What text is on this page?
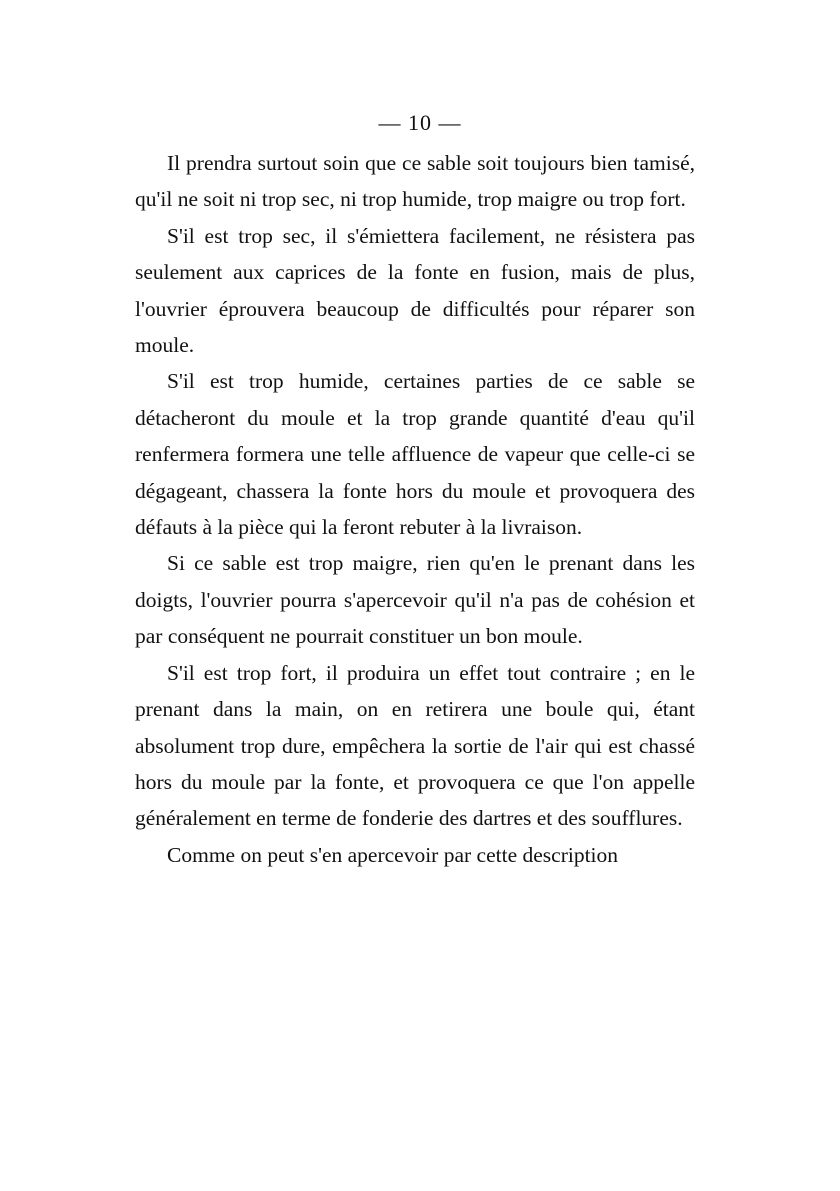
— 10 —

Il prendra surtout soin que ce sable soit toujours bien tamisé, qu'il ne soit ni trop sec, ni trop humide, trop maigre ou trop fort.

S'il est trop sec, il s'émiettera facilement, ne résistera pas seulement aux caprices de la fonte en fusion, mais de plus, l'ouvrier éprouvera beaucoup de difficultés pour réparer son moule.

S'il est trop humide, certaines parties de ce sable se détacheront du moule et la trop grande quantité d'eau qu'il renfermera formera une telle affluence de vapeur que celle-ci se dégageant, chassera la fonte hors du moule et provoquera des défauts à la pièce qui la feront rebuter à la livraison.

Si ce sable est trop maigre, rien qu'en le prenant dans les doigts, l'ouvrier pourra s'apercevoir qu'il n'a pas de cohésion et par conséquent ne pourrait constituer un bon moule.

S'il est trop fort, il produira un effet tout contraire ; en le prenant dans la main, on en retirera une boule qui, étant absolument trop dure, empêchera la sortie de l'air qui est chassé hors du moule par la fonte, et provoquera ce que l'on appelle généralement en terme de fonderie des dartres et des soufflures.

Comme on peut s'en apercevoir par cette description
